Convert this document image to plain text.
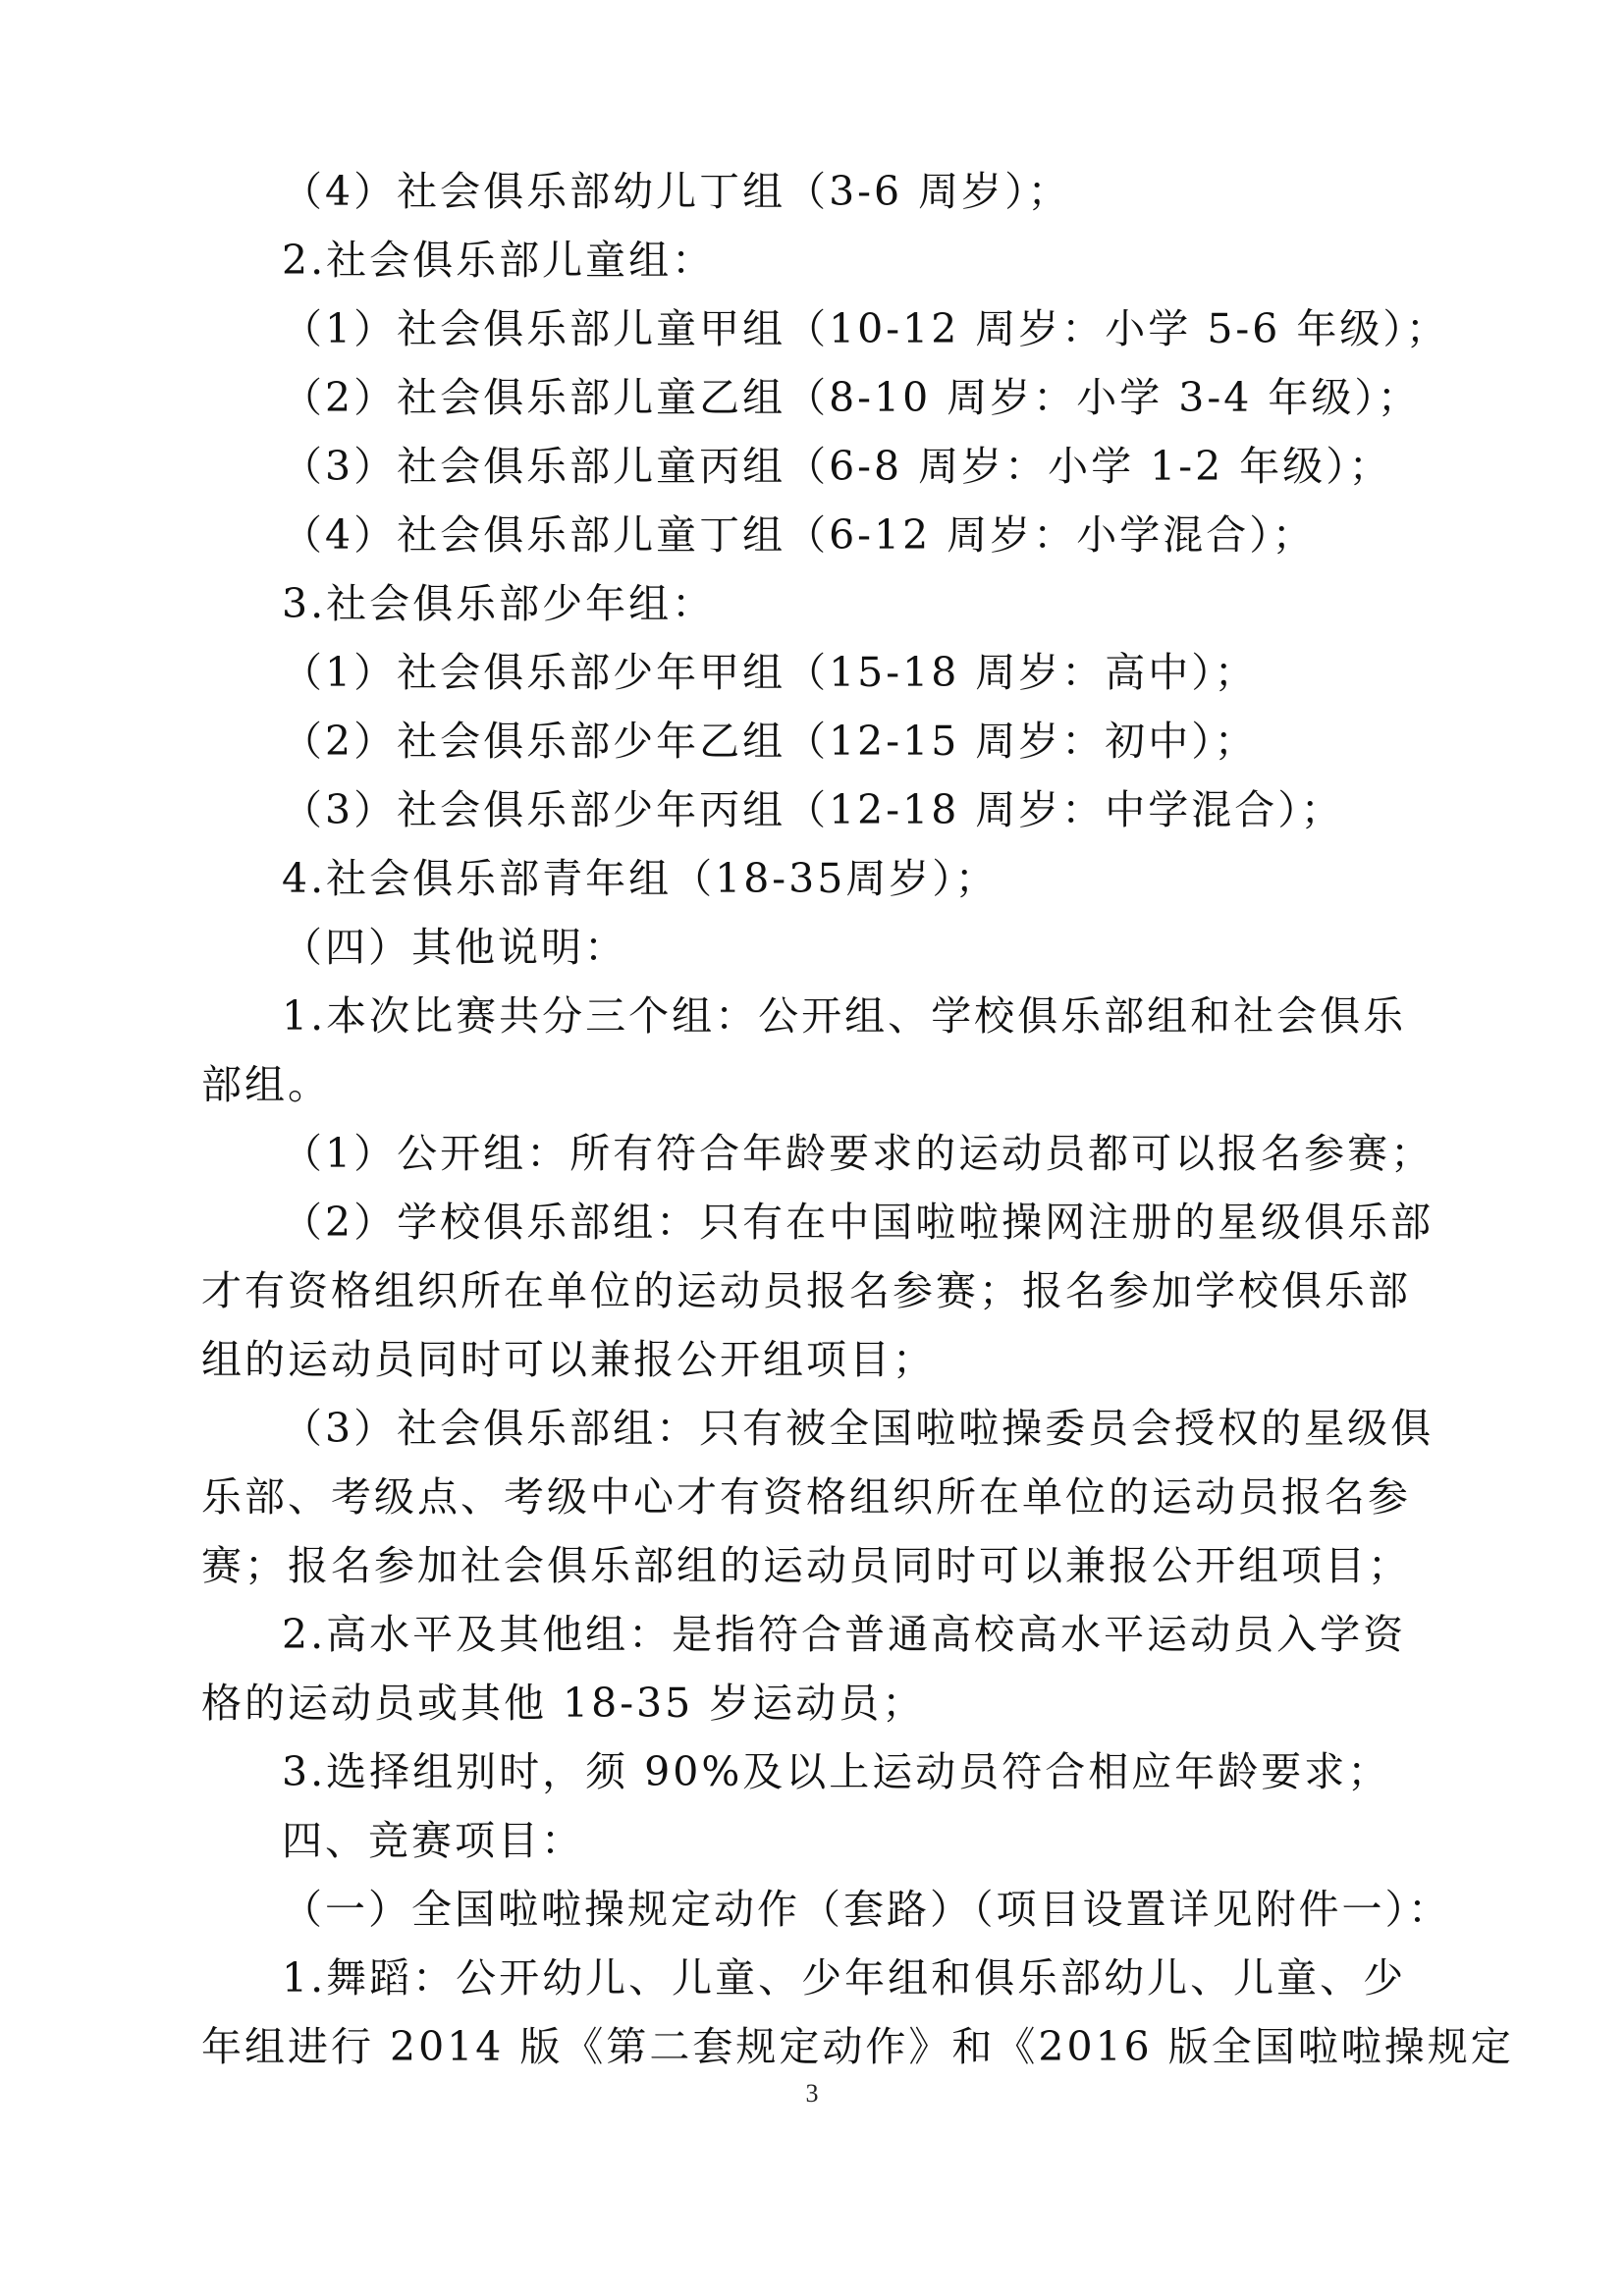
（4）社会俱乐部幼儿丁组（3-6 周岁）；

2.社会俱乐部儿童组：

（1）社会俱乐部儿童甲组（10-12 周岁：小学 5-6 年级）；

（2）社会俱乐部儿童乙组（8-10 周岁：小学 3-4 年级）；

（3）社会俱乐部儿童丙组（6-8 周岁：小学 1-2 年级）；

（4）社会俱乐部儿童丁组（6-12 周岁：小学混合）；

3.社会俱乐部少年组：

（1）社会俱乐部少年甲组（15-18 周岁：高中）；

（2）社会俱乐部少年乙组（12-15 周岁：初中）；

（3）社会俱乐部少年丙组（12-18 周岁：中学混合）；

4.社会俱乐部青年组（18-35周岁）；

（四）其他说明：

1.本次比赛共分三个组：公开组、学校俱乐部组和社会俱乐

部组。

（1）公开组：所有符合年龄要求的运动员都可以报名参赛；

（2）学校俱乐部组：只有在中国啦啦操网注册的星级俱乐部

才有资格组织所在单位的运动员报名参赛；报名参加学校俱乐部

组的运动员同时可以兼报公开组项目；

（3）社会俱乐部组：只有被全国啦啦操委员会授权的星级俱

乐部、考级点、考级中心才有资格组织所在单位的运动员报名参

赛；报名参加社会俱乐部组的运动员同时可以兼报公开组项目；

2.高水平及其他组：是指符合普通高校高水平运动员入学资

格的运动员或其他 18-35 岁运动员；

3.选择组别时，须 90%及以上运动员符合相应年龄要求；

四、竞赛项目：

（一）全国啦啦操规定动作（套路）（项目设置详见附件一）：

1.舞蹈：公开幼儿、儿童、少年组和俱乐部幼儿、儿童、少

年组进行 2014 版《第二套规定动作》和《2016 版全国啦啦操规定

3
